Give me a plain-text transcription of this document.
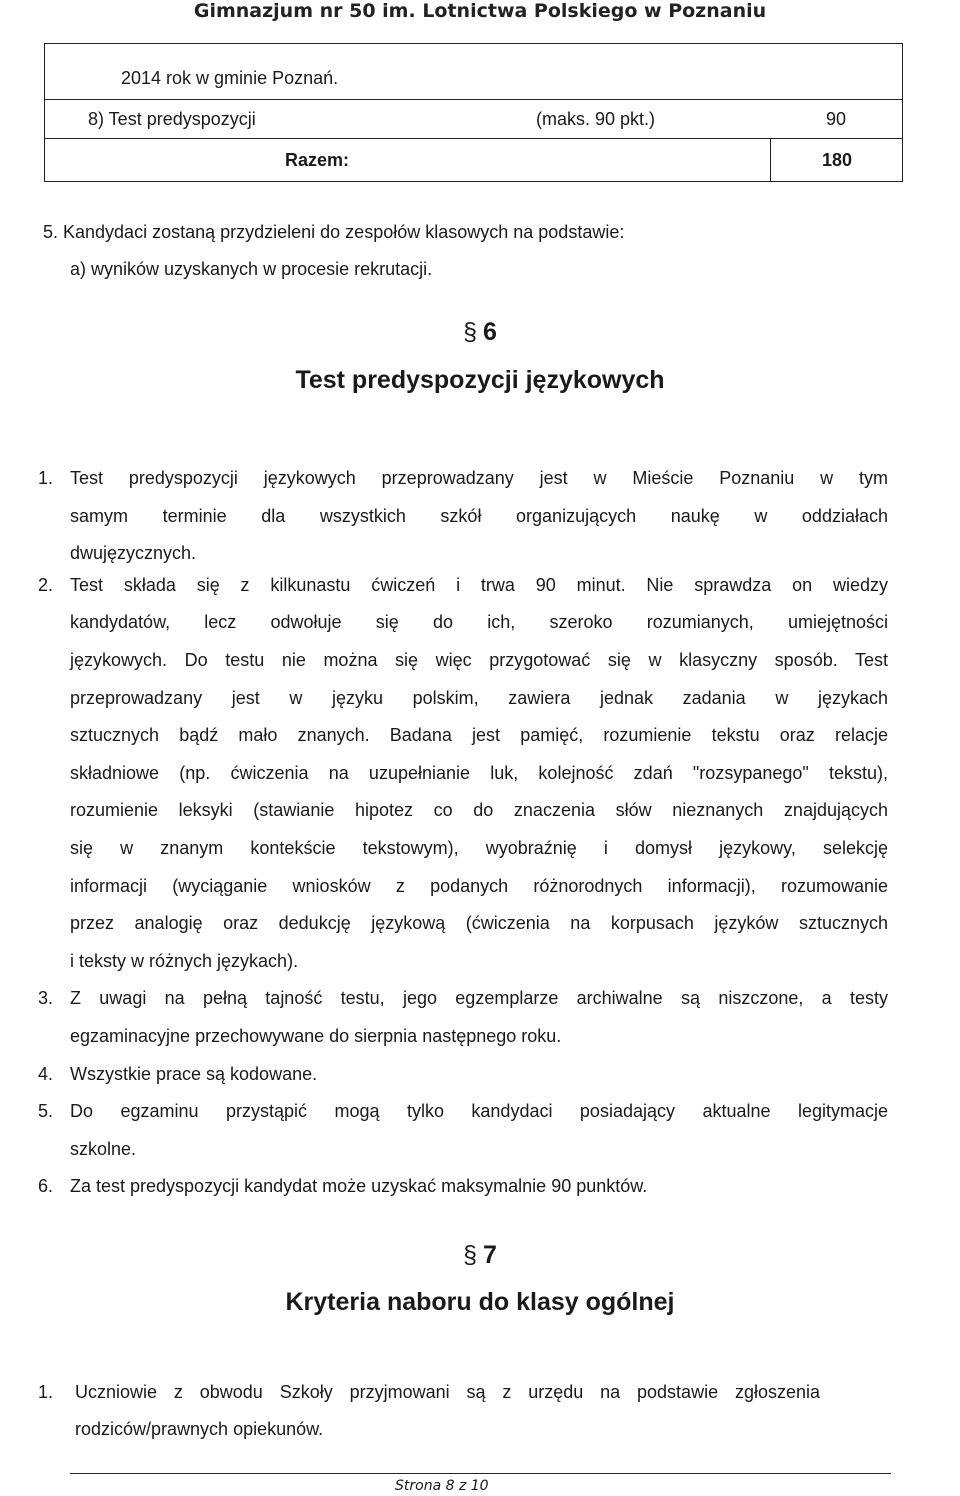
Gimnazjum nr 50 im. Lotnictwa Polskiego w Poznaniu
2014 rok w gminie Poznań.
8) Test predyspozycji	(maks. 90 pkt.)	90
Razem:	180
5. Kandydaci zostaną przydzieleni do zespołów klasowych na podstawie:
a) wyników uzyskanych w procesie rekrutacji.
§ 6
Test predyspozycji językowych
1. Test predyspozycji językowych przeprowadzany jest w Mieście Poznaniu w tym
samym terminie dla wszystkich szkół organizujących naukę w oddziałach
dwujęzycznych.
2. Test składa się z kilkunastu ćwiczeń i trwa 90 minut. Nie sprawdza on wiedzy
kandydatów, lecz odwołuje się do ich, szeroko rozumianych, umiejętności
językowych. Do testu nie można się więc przygotować się w klasyczny sposób. Test
przeprowadzany jest w języku polskim, zawiera jednak zadania w językach
sztucznych bądź mało znanych. Badana jest pamięć, rozumienie tekstu oraz relacje
składniowe (np. ćwiczenia na uzupełnianie luk, kolejność zdań "rozsypanego" tekstu),
rozumienie leksyki (stawianie hipotez co do znaczenia słów nieznanych znajdujących
się w znanym kontekście tekstowym), wyobraźnię i domysł językowy, selekcję
informacji (wyciąganie wniosków z podanych różnorodnych informacji), rozumowanie
przez analogię oraz dedukcję językową (ćwiczenia na korpusach języków sztucznych
i teksty w różnych językach).
3. Z uwagi na pełną tajność testu, jego egzemplarze archiwalne są niszczone, a testy
egzaminacyjne przechowywane do sierpnia następnego roku.
4. Wszystkie prace są kodowane.
5. Do egzaminu przystąpić mogą tylko kandydaci posiadający aktualne legitymacje
szkolne.
6. Za test predyspozycji kandydat może uzyskać maksymalnie 90 punktów.
§ 7
Kryteria naboru do klasy ogólnej
1. Uczniowie z obwodu Szkoły przyjmowani są z urzędu na podstawie zgłoszenia
rodziców/prawnych opiekunów.
Strona 8 z 10
